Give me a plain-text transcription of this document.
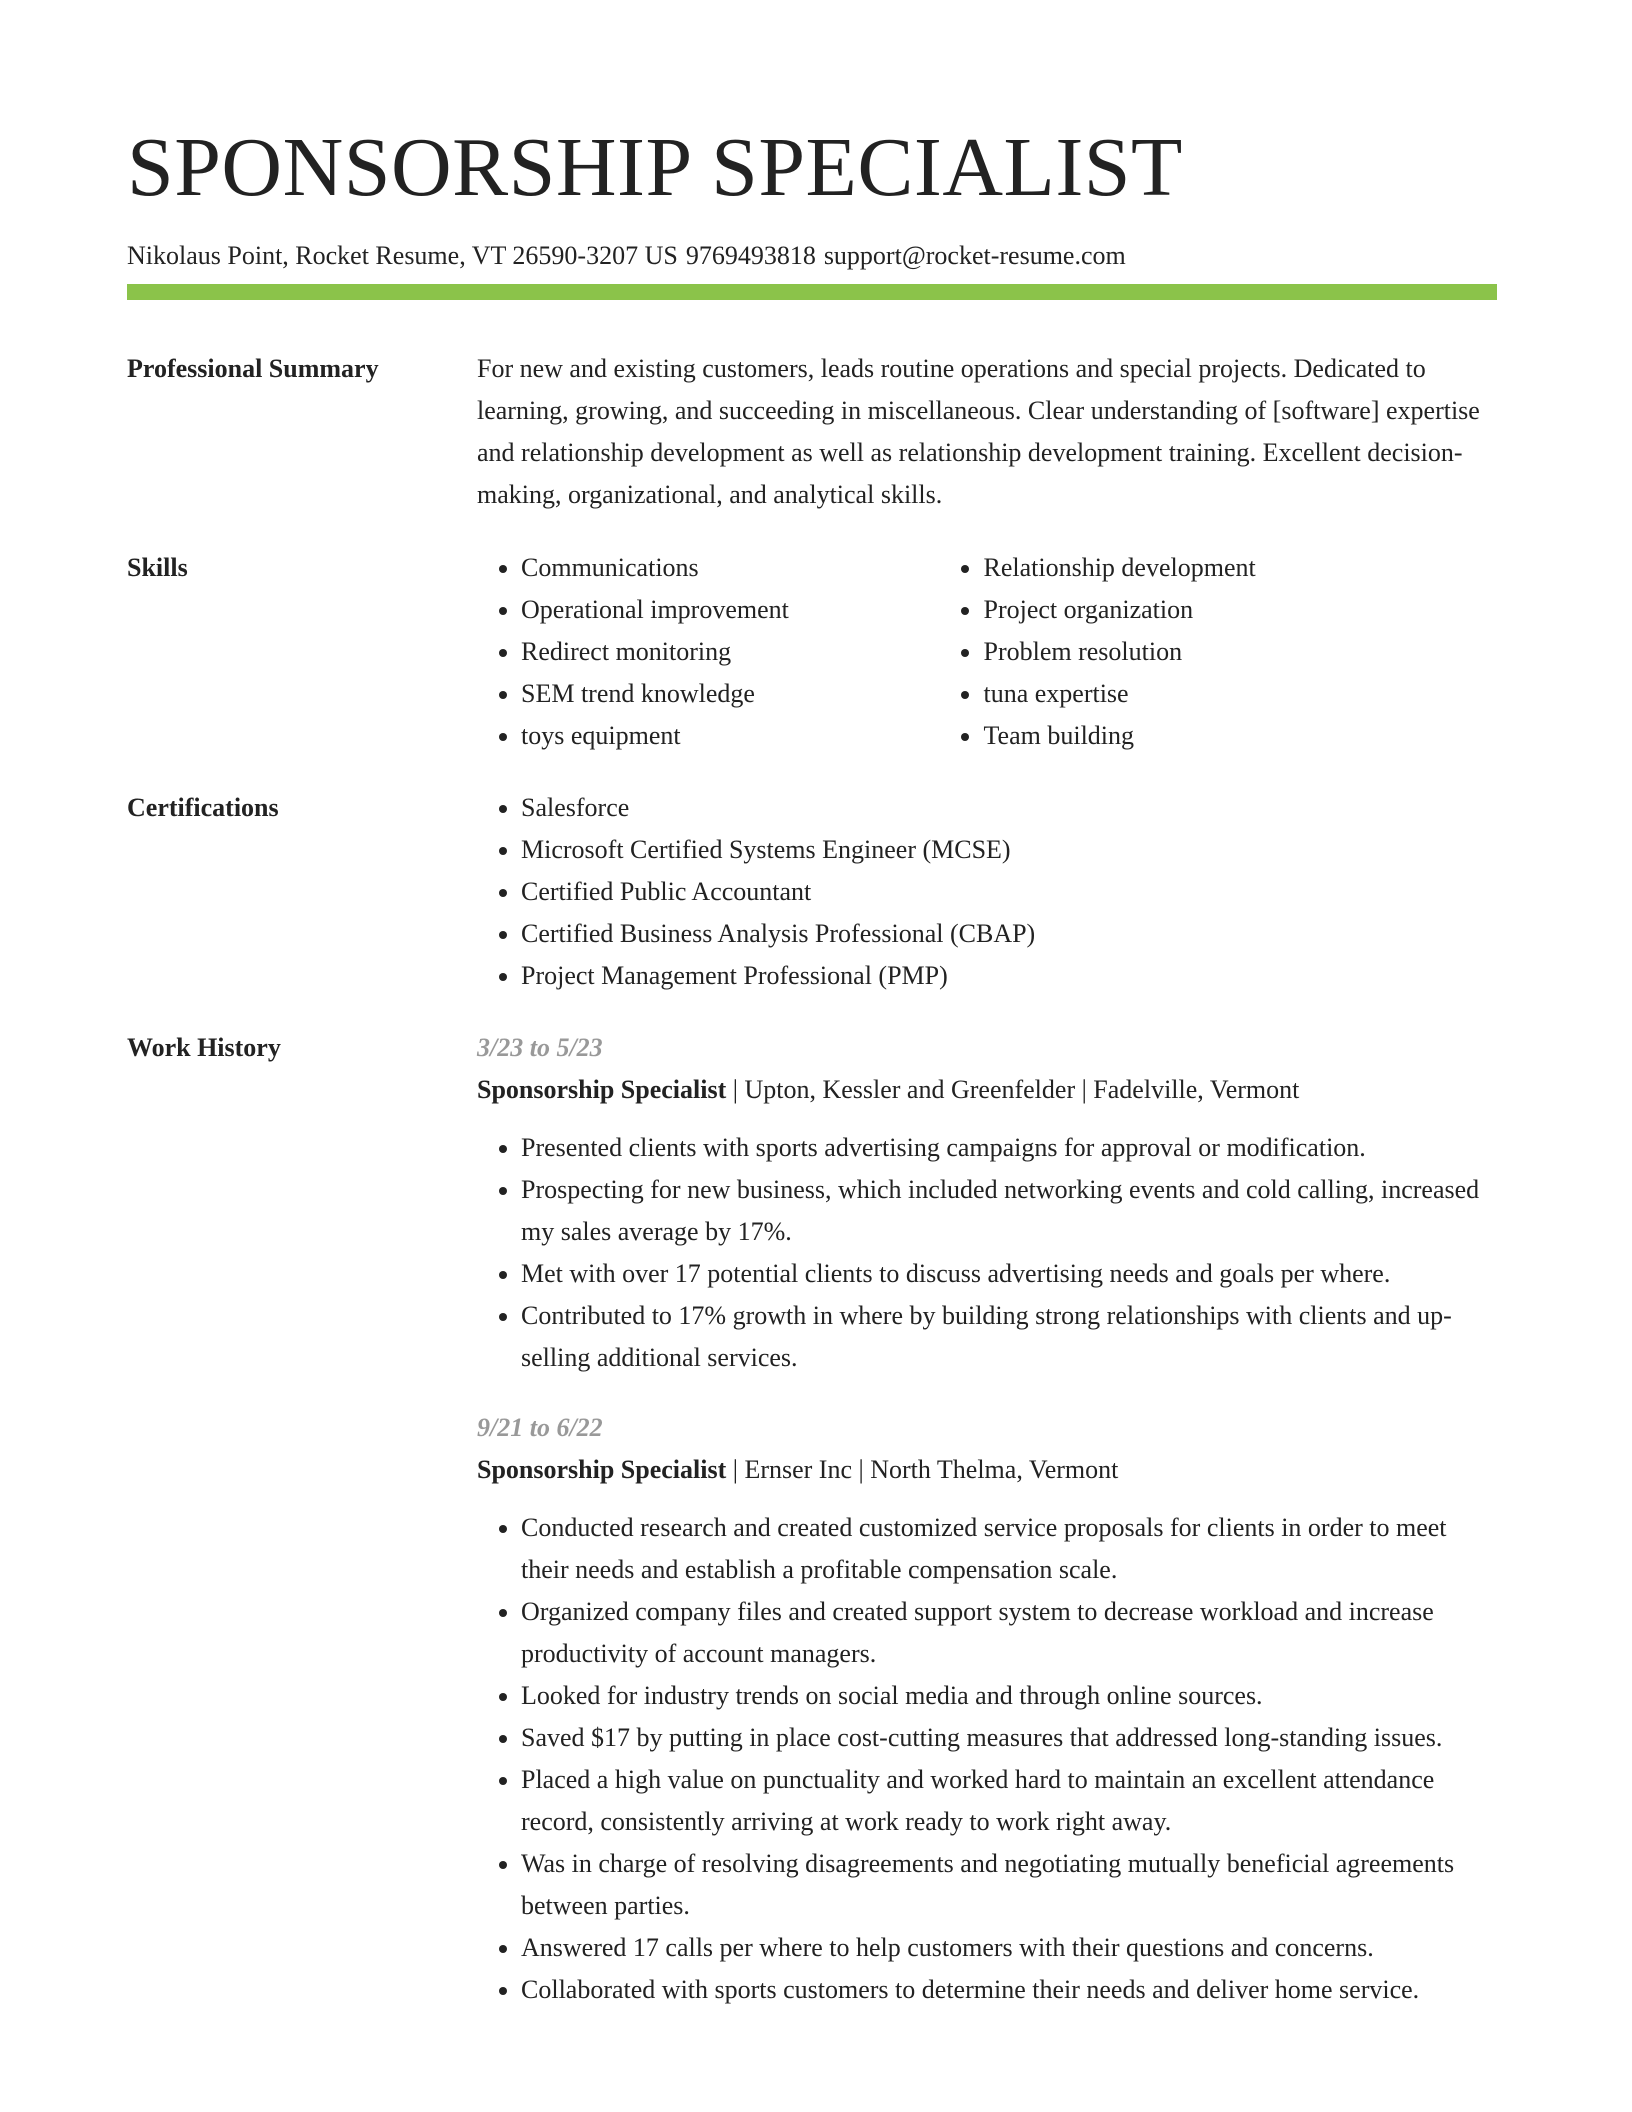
SPONSORSHIP SPECIALIST
Nikolaus Point, Rocket Resume, VT 26590-3207 US 9769493818 support@rocket-resume.com
Professional Summary	For new and existing customers, leads routine operations and special projects. Dedicated to learning, growing, and succeeding in miscellaneous. Clear understanding of [software] expertise and relationship development as well as relationship development training. Excellent decision-making, organizational, and analytical skills.

Skills	• Communications
• Operational improvement
• Redirect monitoring
• SEM trend knowledge
• toys equipment
• Relationship development
• Project organization
• Problem resolution
• tuna expertise
• Team building
Certifications	• Salesforce
• Microsoft Certified Systems Engineer (MCSE)
• Certified Public Accountant
• Certified Business Analysis Professional (CBAP)
• Project Management Professional (PMP)
Work History	3/23 to 5/23
Sponsorship Specialist | Upton, Kessler and Greenfelder | Fadelville, Vermont
• Presented clients with sports advertising campaigns for approval or modification.
• Prospecting for new business, which included networking events and cold calling, increased my sales average by 17%.
• Met with over 17 potential clients to discuss advertising needs and goals per where.
• Contributed to 17% growth in where by building strong relationships with clients and up-selling additional services.
9/21 to 6/22
Sponsorship Specialist | Ernser Inc | North Thelma, Vermont
• Conducted research and created customized service proposals for clients in order to meet their needs and establish a profitable compensation scale.
• Organized company files and created support system to decrease workload and increase productivity of account managers.
• Looked for industry trends on social media and through online sources.
• Saved $17 by putting in place cost-cutting measures that addressed long-standing issues.
• Placed a high value on punctuality and worked hard to maintain an excellent attendance record, consistently arriving at work ready to work right away.
• Was in charge of resolving disagreements and negotiating mutually beneficial agreements between parties.
• Answered 17 calls per where to help customers with their questions and concerns.
• Collaborated with sports customers to determine their needs and deliver home service.
